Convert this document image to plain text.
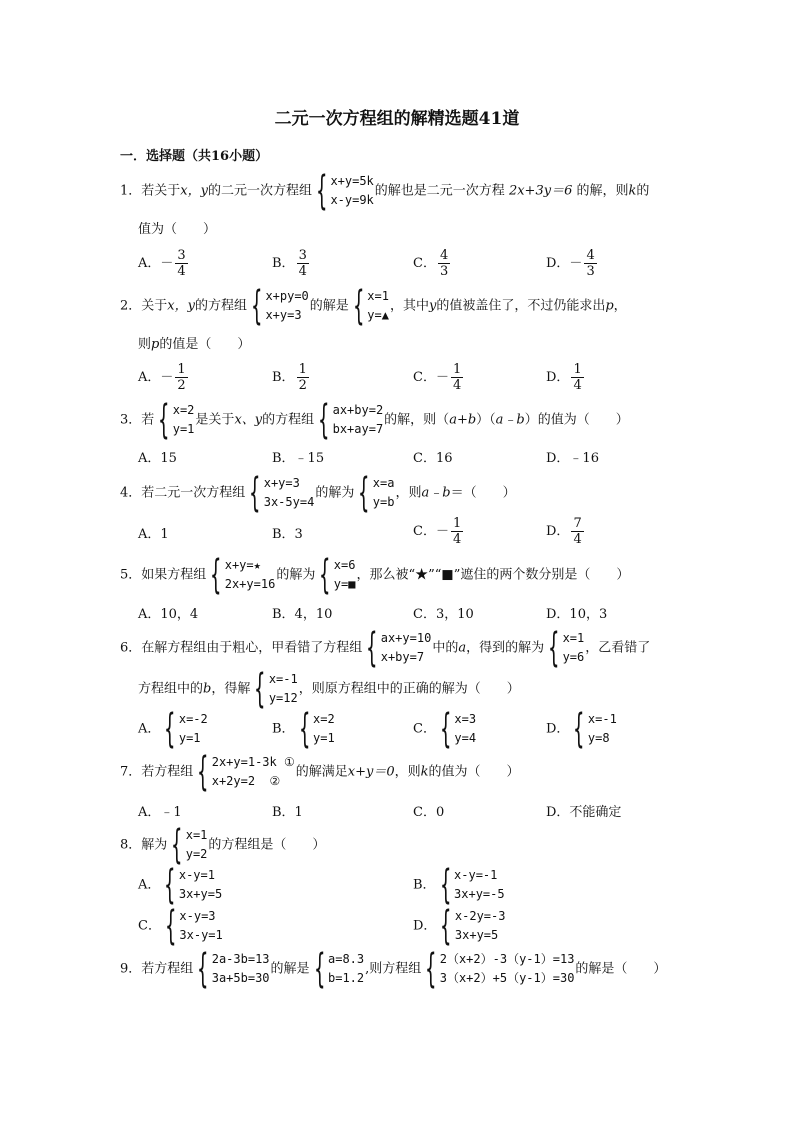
二元一次方程组的解精选题41道
一．选择题（共16小题）
1．若关于x，y的二元一次方程组 { x+y=5k
x-y=9k
的解也是二元一次方程 2x+3y＝6 的解，则k的
值为（　　）
A．－ $\frac{3}{4}$	B． $\frac{3}{4}$	C． $\frac{4}{3}$	D．－ $\frac{4}{3}$
2．关于x，y的方程组 { x+py=0
x+y=3
的解是 { x=1
y=▲
，其中y的值被盖住了，不过仍能求出p，
则p的值是（　　）
A．－ $\frac{1}{2}$	B． $\frac{1}{2}$	C．－ $\frac{1}{4}$	D． $\frac{1}{4}$
3．若 { x=2
y=1
是关于x、y的方程组 { ax+by=2
bx+ay=7
的解，则（a+b）（a﹣b）的值为（　　）
A．15	B．﹣15	C．16	D．﹣16
4．若二元一次方程组 { x+y=3
3x-5y=4
的解为 { x=a
y=b
，则a﹣b＝（　　）
A．1	B．3	C．－ $\frac{1}{4}$	D． $\frac{7}{4}$
5．如果方程组 { x+y=★
2x+y=16
的解为 { x=6
y=■
，那么被“★”“■”遮住的两个数分别是（　　）
A．10，4	B．4，10	C．3，10	D．10，3
6．在解方程组由于粗心，甲看错了方程组 { ax+y=10
x+by=7
中的a，得到的解为 { x=1
y=6
，乙看错了
方程组中的b，得解 { x=-1
y=12
，则原方程组中的正确的解为（　　）
A． { x=-2
y=1
B． { x=2
y=1
C． { x=3
y=4
D． { x=-1
y=8
7．若方程组 { 2x+y=1-3k ①
x+2y=2  ②
的解满足x+y＝0，则k的值为（　　）
A．﹣1	B．1	C．0	D．不能确定
8．解为 { x=1
y=2
的方程组是（　　）
A． { x-y=1
3x+y=5
B． { x-y=-1
3x+y=-5
C． { x-y=3
3x-y=1
D． { x-2y=-3
3x+y=5
9．若方程组 { 2a-3b=13
3a+5b=30
的解是 { a=8.3
b=1.2
,则方程组 { 2（x+2）-3（y-1）=13
3（x+2）+5（y-1）=30
的解是（　　）
